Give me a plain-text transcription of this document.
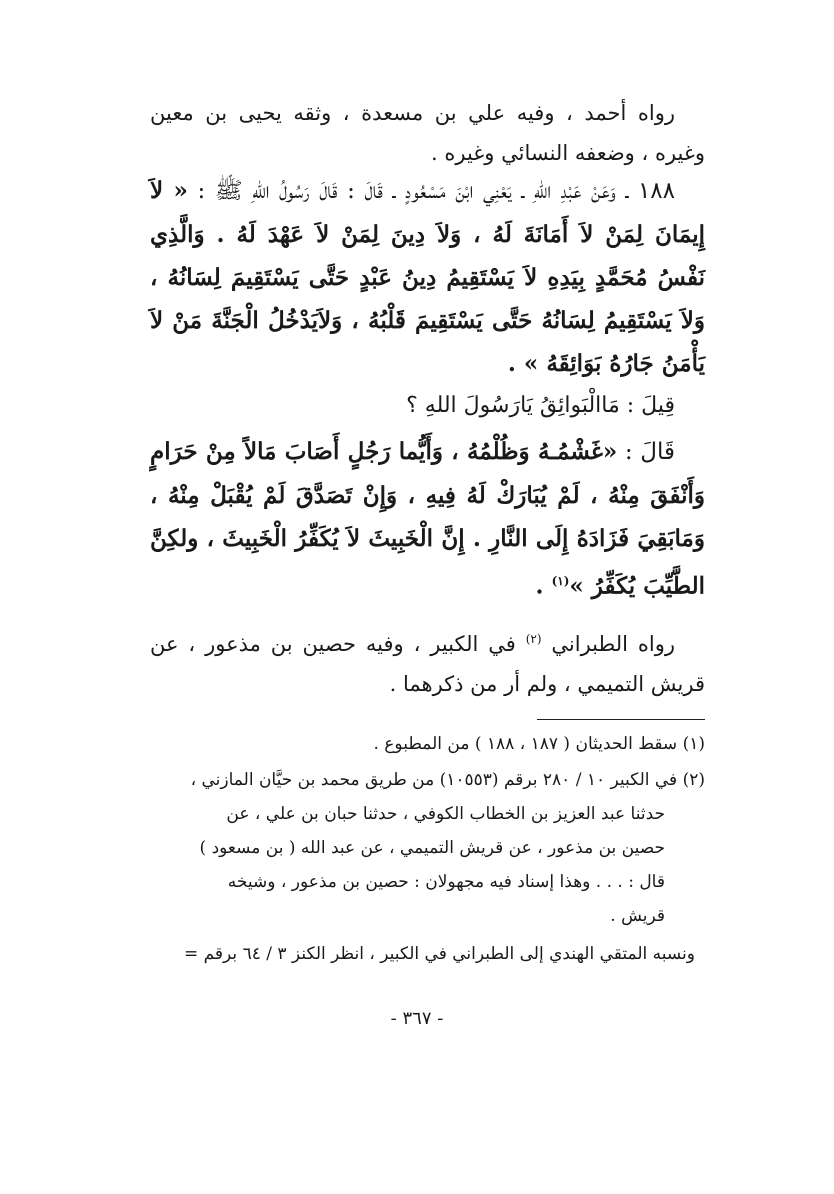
رواه أحمد ، وفيه علي بن مسعدة ، وثقه يحيى بن معين وغيره ، وضعفه النسائي وغيره .
١٨٨ ـ وَعَنْ عَبْدِ اللهِ ـ يَعْنِي ابْنَ مَسْعُودٍ ـ قَالَ : قَالَ رَسُولُ اللهِ ﷺ : « لاَ إِيمَانَ لِمَنْ لاَ أَمَانَةَ لَهُ ، وَلاَ دِينَ لِمَنْ لاَ عَهْدَ لَهُ . وَالَّذِي نَفْسُ مُحَمَّدٍ بِيَدِهِ لاَ يَسْتَقِيمُ دِينُ عَبْدٍ حَتَّى يَسْتَقِيمَ لِسَانُهُ ، وَلاَ يَسْتَقِيمُ لِسَانُهُ حَتَّى يَسْتَقِيمَ قَلْبُهُ ، وَلاَيَدْخُلُ الْجَنَّةَ مَنْ لاَ يَأْمَنُ جَارُهُ بَوَائِقَهُ » .
قِيلَ : مَاالْبَوائِقُ يَارَسُولَ اللهِ ؟
قَالَ : «غَشْمُـهُ وَظُلْمُهُ ، وَأَيُّما رَجُلٍ أَصَابَ مَالاً مِنْ حَرَامٍ وَأَنْفَقَ مِنْهُ ، لَمْ يُبَارَكْ لَهُ فِيهِ ، وَإِنْ تَصَدَّقَ لَمْ يُقْبَلْ مِنْهُ ، وَمَابَقِيَ فَزَادَهُ إِلَى النَّارِ . إِنَّ الْخَبِيثَ لاَ يُكَفِّرُ الْخَبِيثَ ، ولكِنَّ الطَّيِّبَ يُكَفِّرُ »$^{(١)}$ .
رواه الطبراني $^{(٢)}$ في الكبير ، وفيه حصين بن مذعور ، عن قريش التميمي ، ولم أر من ذكرهما .
(١) سقط الحديثان ( ١٨٧ ، ١٨٨ ) من المطبوع .
(٢) في الكبير ١٠ / ٢٨٠ برقم (١٠٥٥٣) من طريق محمد بن حيَّان المازني ،
حدثنا عبد العزيز بن الخطاب الكوفي ، حدثنا حبان بن علي ، عن
حصين بن مذعور ، عن قريش التميمي ، عن عبد الله ( بن مسعود )
قال : . . . وهذا إسناد فيه مجهولان : حصين بن مذعور ، وشيخه
قريش .
ونسبه المتقي الهندي إلى الطبراني في الكبير ، انظر الكنز ٣ / ٦٤ برقم =
- ٣٦٧ -
